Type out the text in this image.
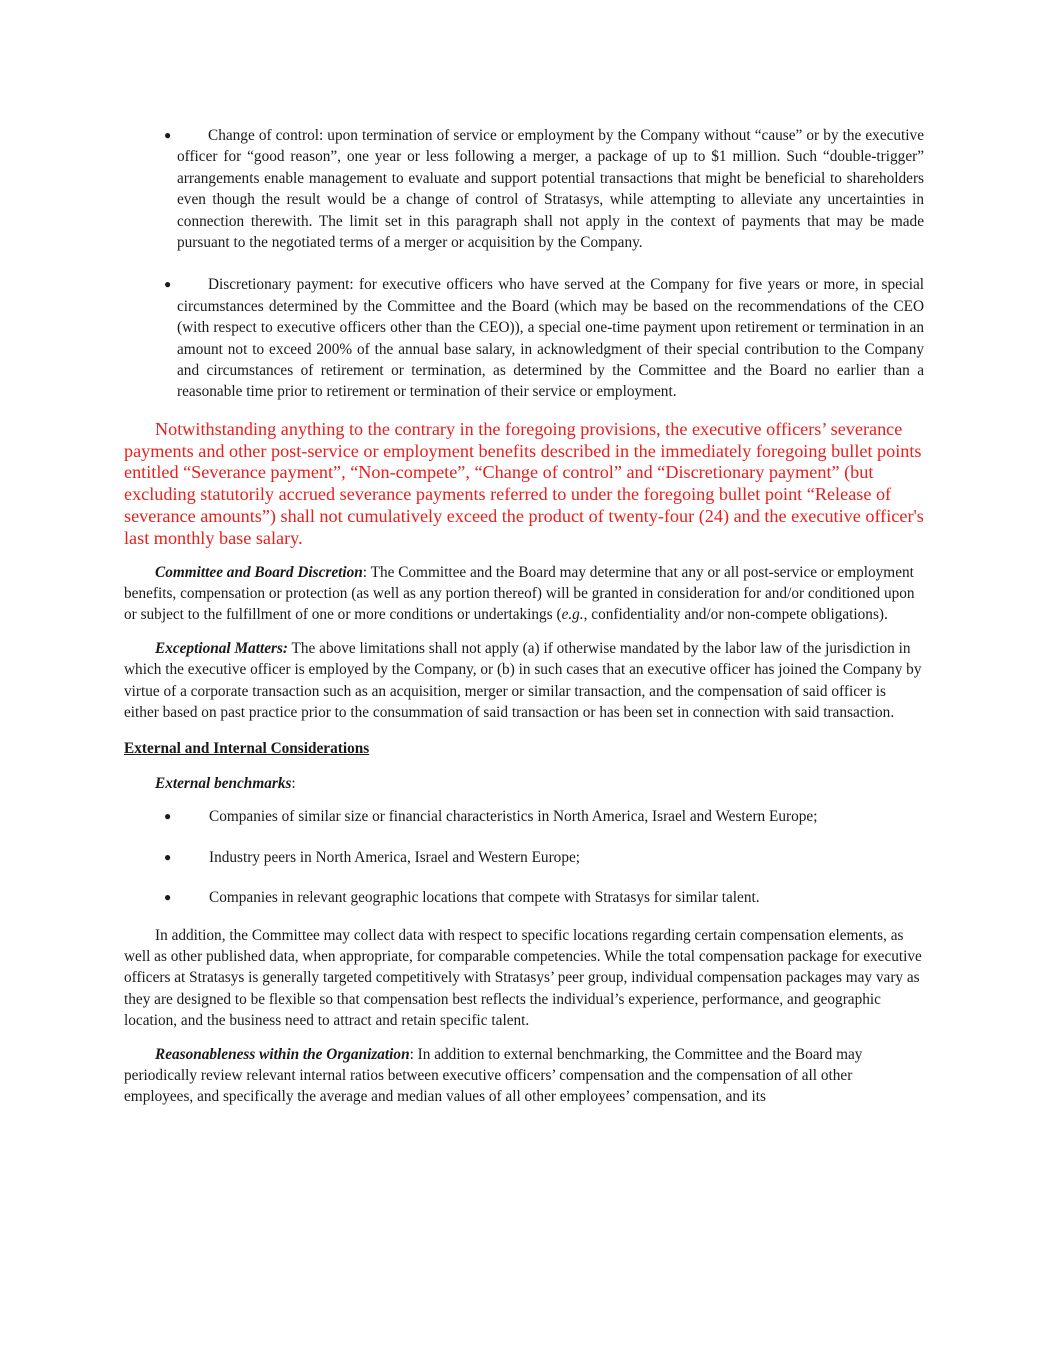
●	Change of control: upon termination of service or employment by the Company without “cause” or by the executive officer for “good reason”, one year or less following a merger, a package of up to $1 million. Such “double-trigger” arrangements enable management to evaluate and support potential transactions that might be beneficial to shareholders even though the result would be a change of control of Stratasys, while attempting to alleviate any uncertainties in connection therewith. The limit set in this paragraph shall not apply in the context of payments that may be made pursuant to the negotiated terms of a merger or acquisition by the Company.

●	Discretionary payment: for executive officers who have served at the Company for five years or more, in special circumstances determined by the Committee and the Board (which may be based on the recommendations of the CEO (with respect to executive officers other than the CEO)), a special one-time payment upon retirement or termination in an amount not to exceed 200% of the annual base salary, in acknowledgment of their special contribution to the Company and circumstances of retirement or termination, as determined by the Committee and the Board no earlier than a reasonable time prior to retirement or termination of their service or employment.

Notwithstanding anything to the contrary in the foregoing provisions, the executive officers’ severance payments and other post-service or employment benefits described in the immediately foregoing bullet points entitled “Severance payment”, “Non-compete”, “Change of control” and “Discretionary payment” (but excluding statutorily accrued severance payments referred to under the foregoing bullet point “Release of severance amounts”) shall not cumulatively exceed the product of twenty-four (24) and the executive officer's last monthly base salary.

Committee and Board Discretion: The Committee and the Board may determine that any or all post-service or employment benefits, compensation or protection (as well as any portion thereof) will be granted in consideration for and/or conditioned upon or subject to the fulfillment of one or more conditions or undertakings (e.g., confidentiality and/or non-compete obligations).

Exceptional Matters: The above limitations shall not apply (a) if otherwise mandated by the labor law of the jurisdiction in which the executive officer is employed by the Company, or (b) in such cases that an executive officer has joined the Company by virtue of a corporate transaction such as an acquisition, merger or similar transaction, and the compensation of said officer is either based on past practice prior to the consummation of said transaction or has been set in connection with said transaction.

External and Internal Considerations

External benchmarks:

● Companies of similar size or financial characteristics in North America, Israel and Western Europe;
● Industry peers in North America, Israel and Western Europe;
● Companies in relevant geographic locations that compete with Stratasys for similar talent.

In addition, the Committee may collect data with respect to specific locations regarding certain compensation elements, as well as other published data, when appropriate, for comparable competencies. While the total compensation package for executive officers at Stratasys is generally targeted competitively with Stratasys’ peer group, individual compensation packages may vary as they are designed to be flexible so that compensation best reflects the individual’s experience, performance, and geographic location, and the business need to attract and retain specific talent.

Reasonableness within the Organization: In addition to external benchmarking, the Committee and the Board may periodically review relevant internal ratios between executive officers’ compensation and the compensation of all other employees, and specifically the average and median values of all other employees’ compensation, and its
